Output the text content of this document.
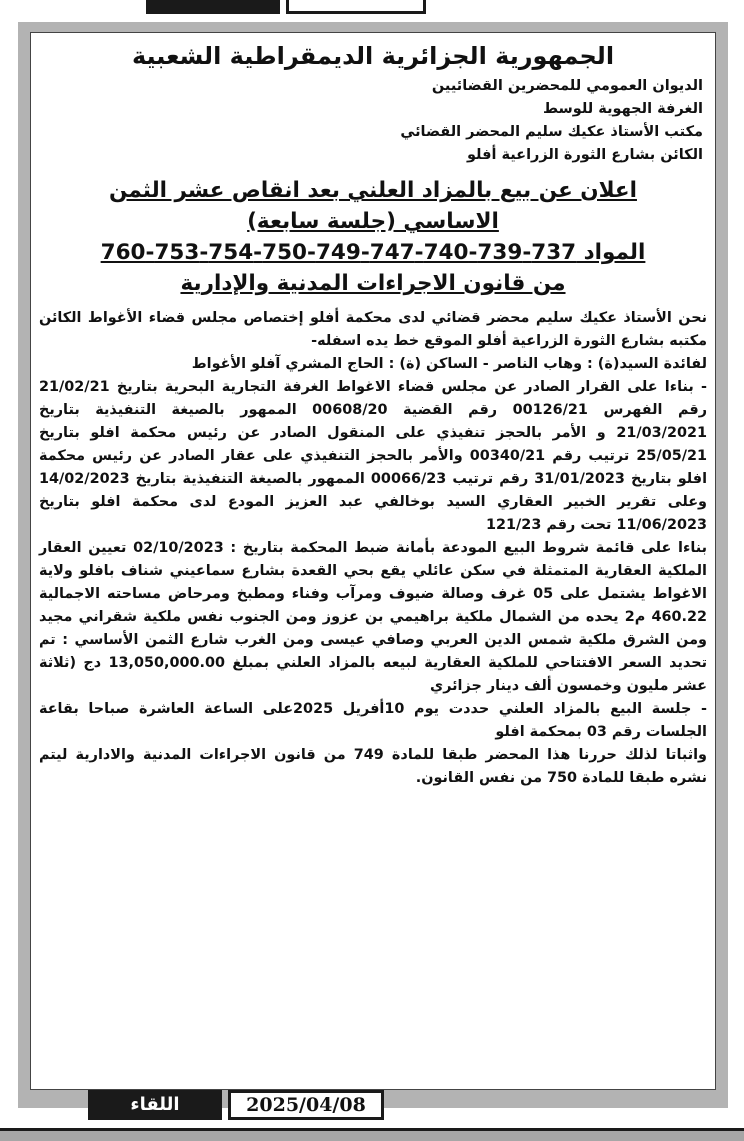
الجمهورية الجزائرية الديمقراطية الشعبية

الديوان العمومي للمحضرين القضائيين

الغرفة الجهوية للوسط

مكتب الأستاذ عكيك سليم المحضر القضائي

الكائن بشارع الثورة الزراعية أفلو

اعلان عن بيع بالمزاد العلني بعد انقاص عشر الثمن
الاساسي (جلسة سابعة)
المواد 737-739-740-747-749-750-754-753-760
من قانون الاجراءات المدنية والإدارية

نحن الأستاذ عكيك سليم محضر قضائي لدى محكمة أفلو إختصاص مجلس قضاء الأغواط الكائن مكتبه بشارع الثورة الزراعية أفلو الموقع خط يده اسفله-

لفائدة السيد(ة) : وهاب الناصر - الساكن (ة) : الحاج المشري آفلو الأغواط

- بناءا على القرار الصادر عن مجلس قضاء الاغواط الغرفة التجارية البحرية بتاريخ 21/02/21 رقم الفهرس 00126/21 رقم القضية 00608/20 الممهور بالصيغة التنفيذية بتاريخ 21/03/2021 و الأمر بالحجز تنفيذي على المنقول الصادر عن رئيس محكمة افلو بتاريخ 25/05/21 ترتيب رقم 00340/21 والأمر بالحجز التنفيذي على عقار الصادر عن رئيس محكمة افلو بتاريخ 31/01/2023 رقم ترتيب 00066/23 الممهور بالصيغة التنفيذية بتاريخ 14/02/2023 وعلى تقرير الخبير العقاري السيد بوخالفي عبد العزيز المودع لدى محكمة افلو بتاريخ 11/06/2023 تحت رقم 121/23

بناءا على قائمة شروط البيع المودعة بأمانة ضبط المحكمة بتاريخ : 02/10/2023 تعيين العقار الملكية العقارية المتمثلة في سكن عائلي يقع بحي القعدة بشارع سماعيني شناف بافلو ولاية الاغواط يشتمل على 05 غرف وصالة ضيوف ومرآب وفناء ومطبخ ومرحاض مساحته الاجمالية 460.22 م2 يحده من الشمال ملكية براهيمي بن عزوز ومن الجنوب نفس ملكية شقراني مجيد ومن الشرق ملكية شمس الدين العربي وصافي عيسى ومن الغرب شارع الثمن الأساسي : تم تحديد السعر الافتتاحي للملكية العقارية لبيعه بالمزاد العلني بمبلغ 13,050,000.00 دج (ثلاثة عشر مليون وخمسون ألف دينار جزائري

- جلسة البيع بالمزاد العلني حددت يوم 10أفريل 2025على الساعة العاشرة صباحا بقاعة الجلسات رقم 03 بمحكمة افلو

واثباتا لذلك حررنا هذا المحضر طبقا للمادة 749 من قانون الاجراءات المدنية والادارية ليتم نشره طبقا للمادة 750 من نفس القانون.

اللقاء	2025/04/08
